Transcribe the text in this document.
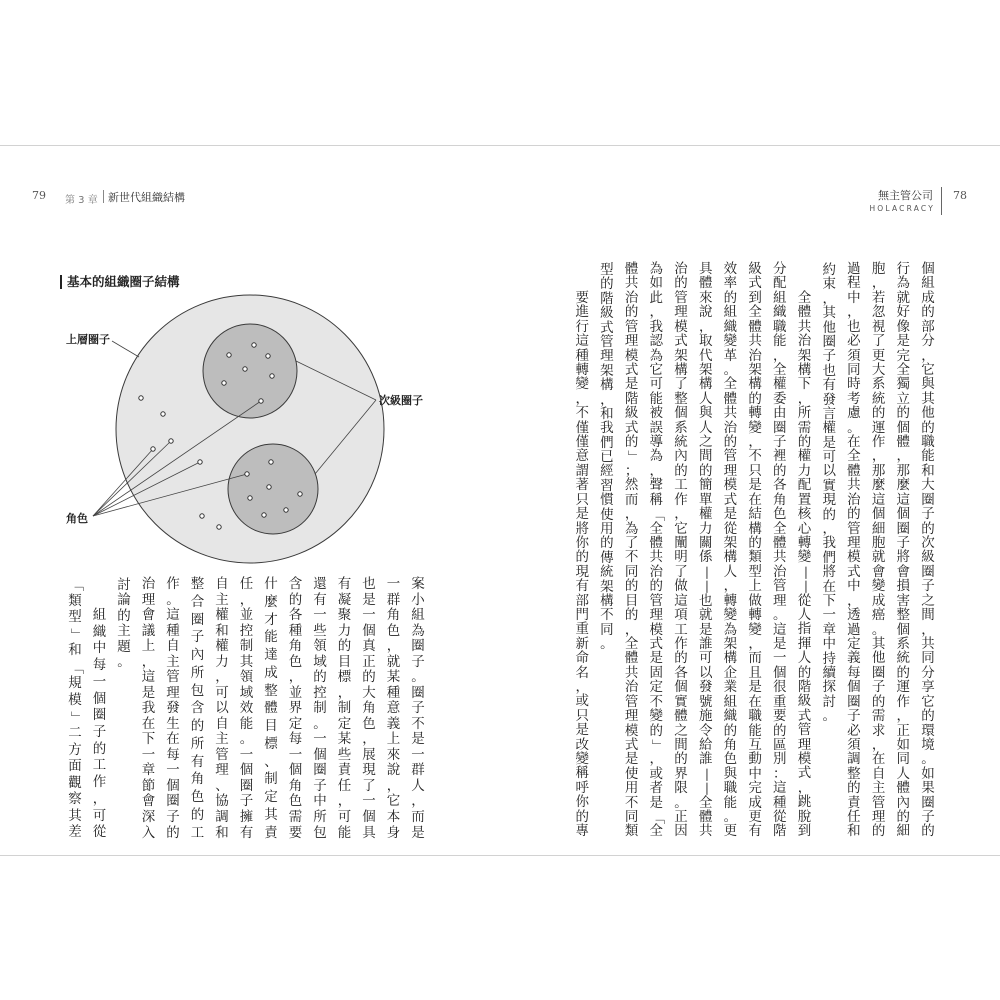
79 第 3 章 新世代組織結構	無主管公司
HOLACRACY
78
基本的組織圈子結構
上層圈子
次級圈子
角色
個
組
成
的
部
分
，
它
與
其
他
的
職
能
和
大
圈
子
的
次
級
圈
子
之
間
，
共
同
分
享
它
的
環
境
。
如
果
圈
子
的
行
為
就
好
像
是
完
全
獨
立
的
個
體
，
那
麼
這
個
圈
子
將
會
損
害
整
個
系
統
的
運
作
，
正
如
同
人
體
內
的
細
胞
，
若
忽
視
了
更
大
系
統
的
運
作
，
那
麼
這
個
細
胞
就
會
變
成
癌
。
其
他
圈
子
的
需
求
，
在
自
主
管
理
的
過
程
中
，
也
必
須
同
時
考
慮
。
在
全
體
共
治
的
管
理
模
式
中
，
透
過
定
義
每
個
圈
子
必
須
調
整
的
責
任
和
約
束
，
其
他
圈
子
也
有
發
言
權
是
可
以
實
現
的
，
我
們
將
在
下
一
章
中
持
續
探
討
。
全
體
共
治
架
構
下
，
所
需
的
權
力
配
置
核
心
轉
變
—
—
從
人
指
揮
人
的
階
級
式
管
理
模
式
，
跳
脫
到
分
配
組
織
職
能
，
全
權
委
由
圈
子
裡
的
各
角
色
全
體
共
治
管
理
。
這
是
一
個
很
重
要
的
區
別
：
這
種
從
階
級
式
到
全
體
共
治
架
構
的
轉
變
，
不
只
是
在
結
構
的
類
型
上
做
轉
變
，
而
且
是
在
職
能
互
動
中
完
成
更
有
效
率
的
組
織
變
革
。
全
體
共
治
的
管
理
模
式
是
從
架
構
人
，
轉
變
為
架
構
企
業
組
織
的
角
色
與
職
能
。
更
具
體
來
說
，
取
代
架
構
人
與
人
之
間
的
簡
單
權
力
關
係
—
—
也
就
是
誰
可
以
發
號
施
令
給
誰
—
—
全
體
共
治
的
管
理
模
式
架
構
了
整
個
系
統
內
的
工
作
，
它
闡
明
了
做
這
項
工
作
的
各
個
實
體
之
間
的
界
限
。
正
因
為
如
此
，
我
認
為
它
可
能
被
誤
導
為
，
聲
稱
「
全
體
共
治
的
管
理
模
式
是
固
定
不
變
的
」
，
或
者
是
「
全
體
共
治
的
管
理
模
式
是
階
級
式
的
」
；
然
而
，
為
了
不
同
的
目
的
，
全
體
共
治
管
理
模
式
是
使
用
不
同
類
型
的
階
級
式
管
理
架
構
，
和
我
們
已
經
習
慣
使
用
的
傳
統
架
構
不
同
。
要
進
行
這
種
轉
變
，
不
僅
僅
意
謂
著
只
是
將
你
的
現
有
部
門
重
新
命
名
，
或
只
是
改
變
稱
呼
你
的
專
案
小
組
為
圈
子
。
圈
子
不
是
一
群
人
，
而
是
一
群
角
色
，
就
某
種
意
義
上
來
說
，
它
本
身
也
是
一
個
真
正
的
大
角
色
，
展
現
了
一
個
具
有
凝
聚
力
的
目
標
，
制
定
某
些
責
任
，
可
能
還
有
一
些
領
域
的
控
制
。
一
個
圈
子
中
所
包
含
的
各
種
角
色
，
並
界
定
每
一
個
角
色
需
要
什
麼
才
能
達
成
整
體
目
標
、
制
定
其
責
任
，
並
控
制
其
領
域
效
能
。
一
個
圈
子
擁
有
自
主
權
和
權
力
，
可
以
自
主
管
理
、
協
調
和
整
合
圈
子
內
所
包
含
的
所
有
角
色
的
工
作
。
這
種
自
主
管
理
發
生
在
每
一
個
圈
子
的
治
理
會
議
上
，
這
是
我
在
下
一
章
節
會
深
入
討
論
的
主
題
。
組
織
中
每
一
個
圈
子
的
工
作
，
可
從
「
類
型
」
和
「
規
模
」
二
方
面
觀
察
其
差
